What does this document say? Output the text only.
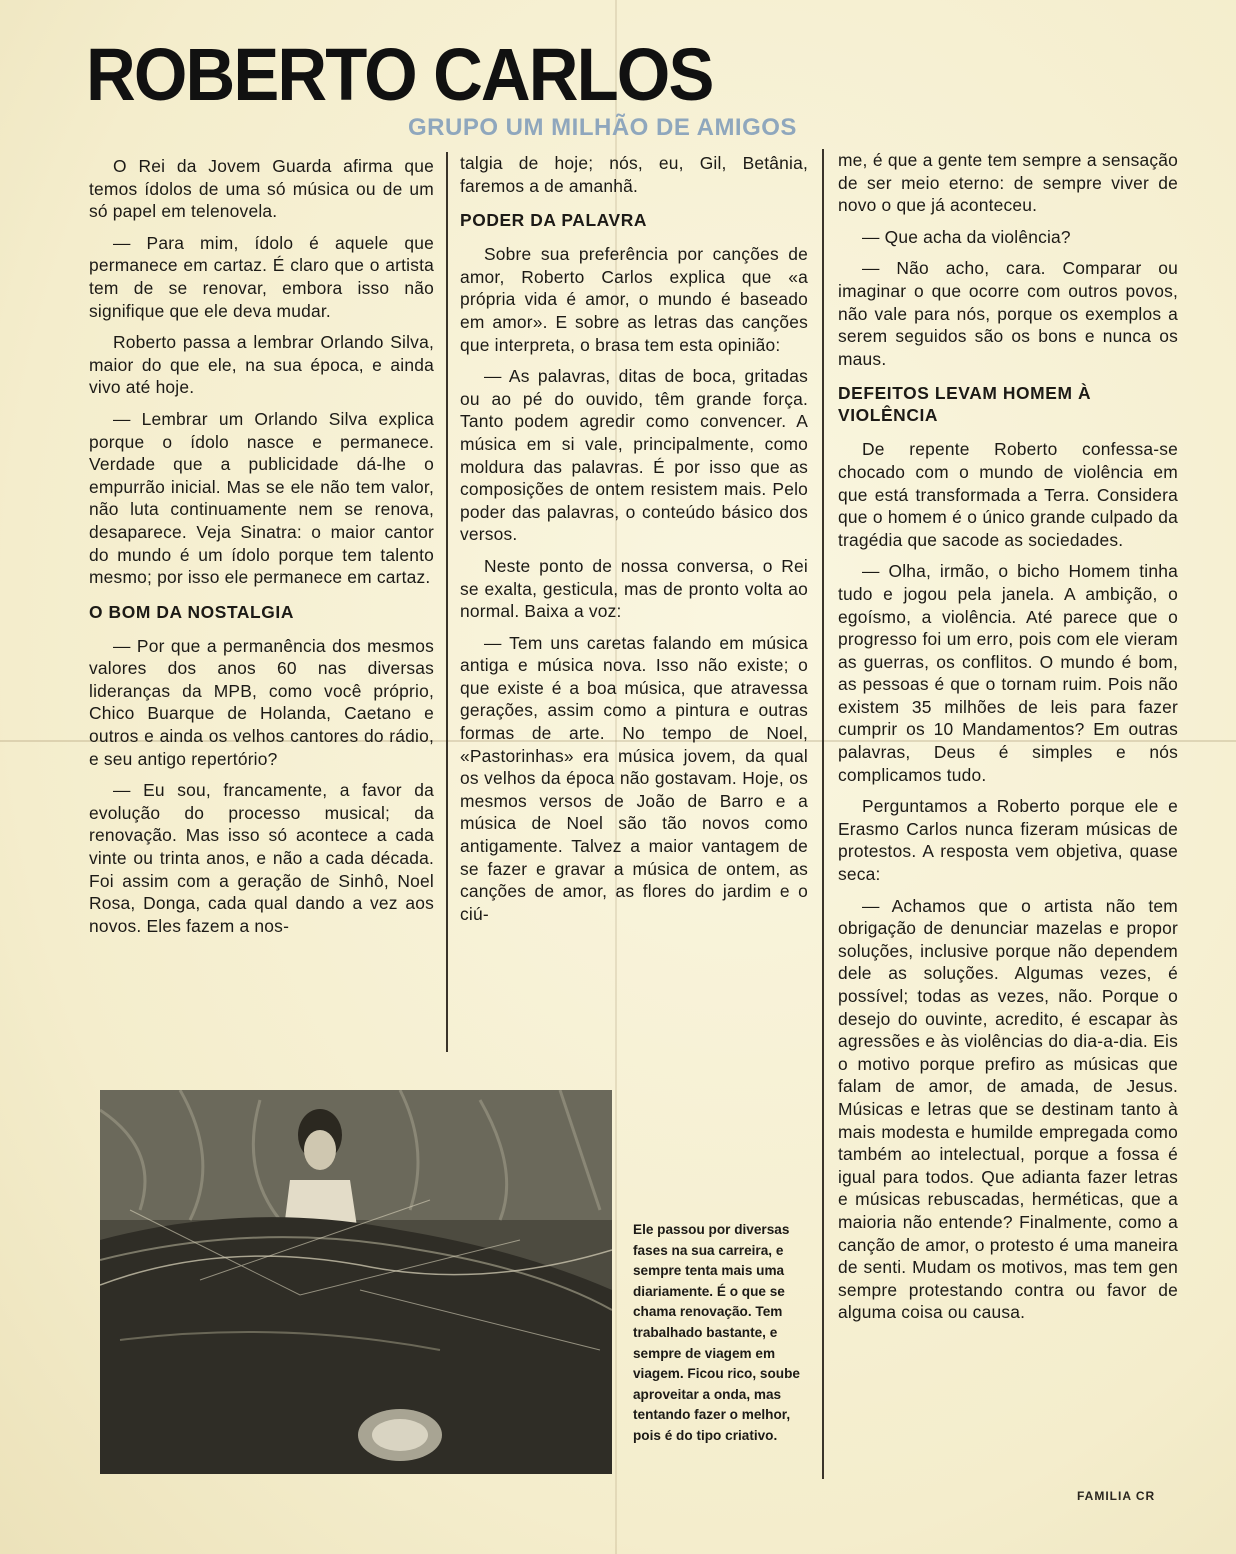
ROBERTO CARLOS
GRUPO UM MILHÃO DE AMIGOS

O Rei da Jovem Guarda afirma que temos ídolos de uma só música ou de um só papel em telenovela.

— Para mim, ídolo é aquele que permanece em cartaz. É claro que o artista tem de se renovar, embora isso não signifique que ele deva mudar.

Roberto passa a lembrar Orlando Silva, maior do que ele, na sua época, e ainda vivo até hoje.

— Lembrar um Orlando Silva explica porque o ídolo nasce e permanece. Verdade que a publicidade dá-lhe o empurrão inicial. Mas se ele não tem valor, não luta continuamente nem se renova, desaparece. Veja Sinatra: o maior cantor do mundo é um ídolo porque tem talento mesmo; por isso ele permanece em cartaz.

O BOM DA NOSTALGIA

— Por que a permanência dos mesmos valores dos anos 60 nas diversas lideranças da MPB, como você próprio, Chico Buarque de Holanda, Caetano e outros e ainda os velhos cantores do rádio, e seu antigo repertório?

— Eu sou, francamente, a favor da evolução do processo musical; da renovação. Mas isso só acontece a cada vinte ou trinta anos, e não a cada década. Foi assim com a geração de Sinhô, Noel Rosa, Donga, cada qual dando a vez aos novos. Eles fazem a nos-

talgia de hoje; nós, eu, Gil, Betânia, faremos a de amanhã.

PODER DA PALAVRA

Sobre sua preferência por canções de amor, Roberto Carlos explica que «a própria vida é amor, o mundo é baseado em amor». E sobre as letras das canções que interpreta, o brasa tem esta opinião:

— As palavras, ditas de boca, gritadas ou ao pé do ouvido, têm grande força. Tanto podem agredir como convencer. A música em si vale, principalmente, como moldura das palavras. É por isso que as composições de ontem resistem mais. Pelo poder das palavras, o conteúdo básico dos versos.

Neste ponto de nossa conversa, o Rei se exalta, gesticula, mas de pronto volta ao normal. Baixa a voz:

— Tem uns caretas falando em música antiga e música nova. Isso não existe; o que existe é a boa música, que atravessa gerações, assim como a pintura e outras formas de arte. No tempo de Noel, «Pastorinhas» era música jovem, da qual os velhos da época não gostavam. Hoje, os mesmos versos de João de Barro e a música de Noel são tão novos como antigamente. Talvez a maior vantagem de se fazer e gravar a música de ontem, as canções de amor, as flores do jardim e o ciú-

me, é que a gente tem sempre a sensação de ser meio eterno: de sempre viver de novo o que já aconteceu.

— Que acha da violência?

— Não acho, cara. Comparar ou imaginar o que ocorre com outros povos, não vale para nós, porque os exemplos a serem seguidos são os bons e nunca os maus.

DEFEITOS LEVAM HOMEM À VIOLÊNCIA

De repente Roberto confessa-se chocado com o mundo de violência em que está transformada a Terra. Considera que o homem é o único grande culpado da tragédia que sacode as sociedades.

— Olha, irmão, o bicho Homem tinha tudo e jogou pela janela. A ambição, o egoísmo, a violência. Até parece que o progresso foi um erro, pois com ele vieram as guerras, os conflitos. O mundo é bom, as pessoas é que o tornam ruim. Pois não existem 35 milhões de leis para fazer cumprir os 10 Mandamentos? Em outras palavras, Deus é simples e nós complicamos tudo.

Perguntamos a Roberto porque ele e Erasmo Carlos nunca fizeram músicas de protestos. A resposta vem objetiva, quase seca:

— Achamos que o artista não tem obrigação de denunciar mazelas e propor soluções, inclusive porque não dependem dele as soluções. Algumas vezes, é possível; todas as vezes, não. Porque o desejo do ouvinte, acredito, é escapar às agressões e às violências do dia-a-dia. Eis o motivo porque prefiro as músicas que falam de amor, de amada, de Jesus. Músicas e letras que se destinam tanto à mais modesta e humilde empregada como também ao intelectual, porque a fossa é igual para todos. Que adianta fazer letras e músicas rebuscadas, herméticas, que a maioria não entende? Finalmente, como a canção de amor, o protesto é uma maneira de senti. Mudam os motivos, mas tem gen sempre protestando contra ou favor de alguma coisa ou causa.

Ele passou por diversas fases na sua carreira, e sempre tenta mais uma diariamente. É o que se chama renovação. Tem trabalhado bastante, e sempre de viagem em viagem. Ficou rico, soube aproveitar a onda, mas tentando fazer o melhor, pois é do tipo criativo.

FAMILIA CR
